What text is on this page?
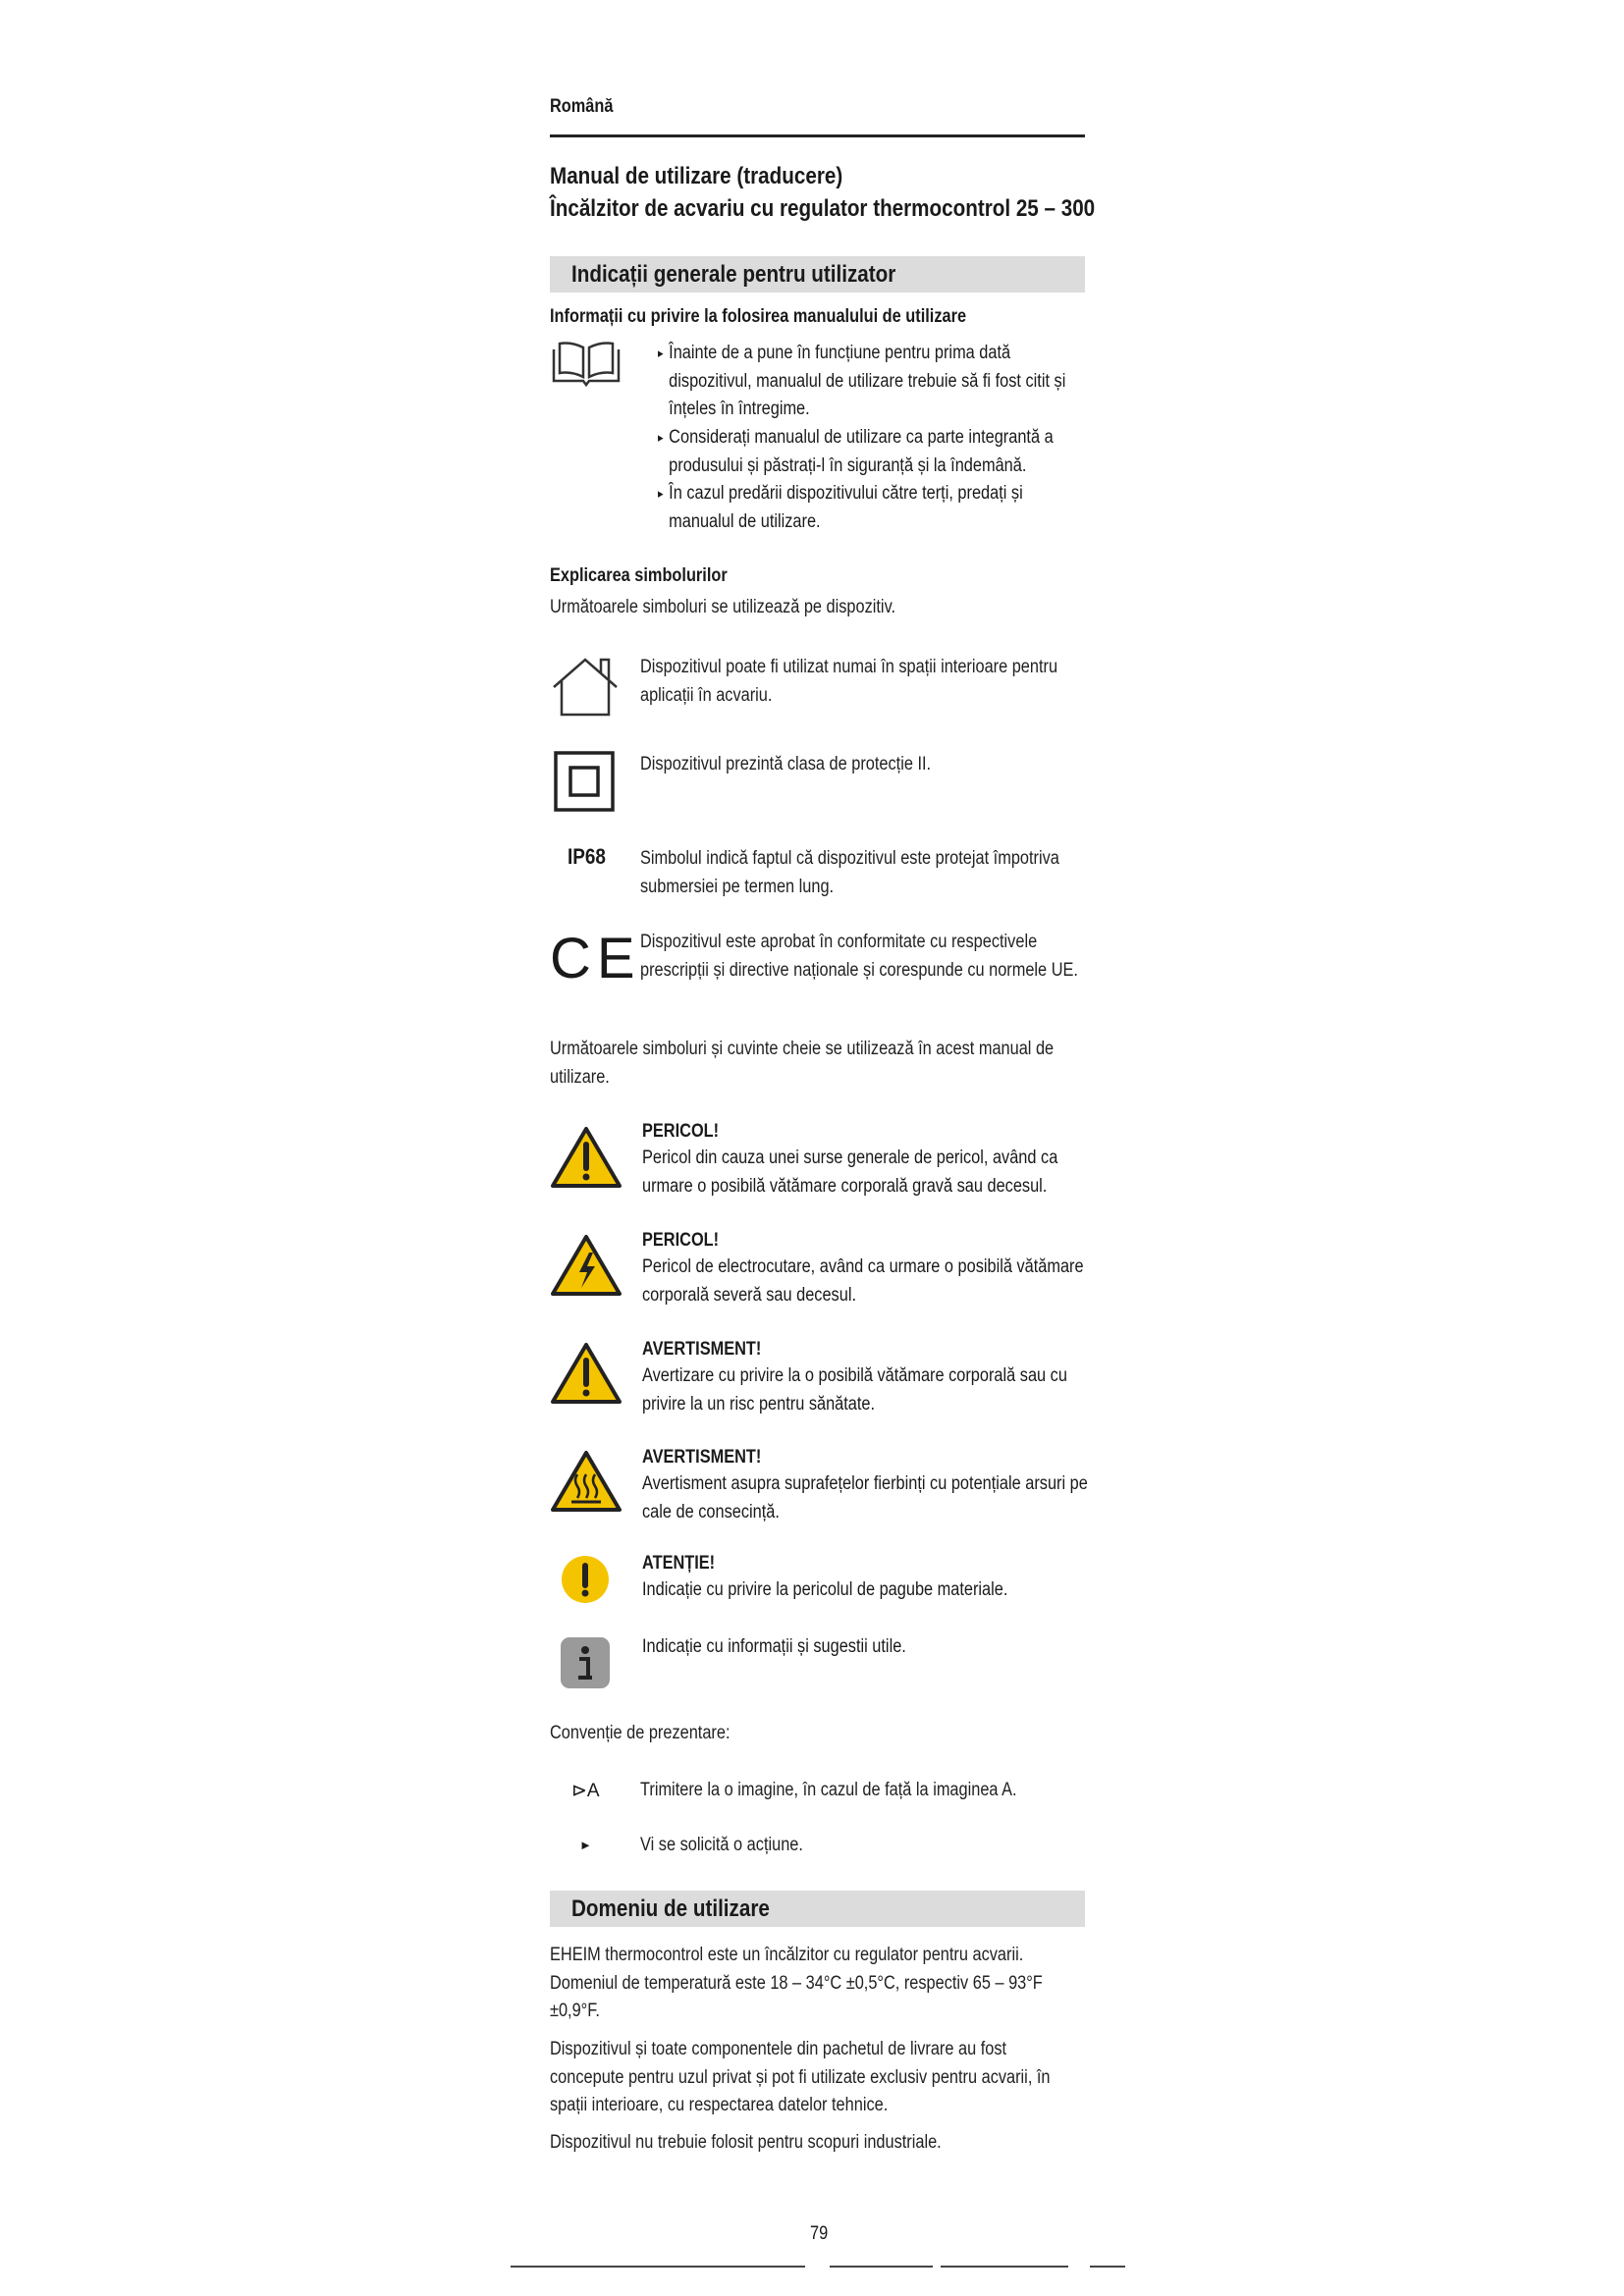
Română
Manual de utilizare (traducere)
Încălzitor de acvariu cu regulator thermocontrol 25 – 300
Indicații generale pentru utilizator
Informații cu privire la folosirea manualului de utilizare
▸ Înainte de a pune în funcțiune pentru prima dată dispozitivul, manualul de utilizare trebuie să fi fost citit și înțeles în întregime.
▸ Considerați manualul de utilizare ca parte integrantă a produsului și păstrați-l în siguranță și la îndemână.
▸ În cazul predării dispozitivului către terți, predați și manualul de utilizare.
Explicarea simbolurilor
Următoarele simboluri se utilizează pe dispozitiv.
Dispozitivul poate fi utilizat numai în spații interioare pentru aplicații în acvariu.
Dispozitivul prezintă clasa de protecție II.
IP68 Simbolul indică faptul că dispozitivul este protejat împotriva submersiei pe termen lung.
CE Dispozitivul este aprobat în conformitate cu respectivele prescripții și directive naționale și corespunde cu normele UE.
Următoarele simboluri și cuvinte cheie se utilizează în acest manual de utilizare.
PERICOL!
Pericol din cauza unei surse generale de pericol, având ca urmare o posibilă vătămare corporală gravă sau decesul.
PERICOL!
Pericol de electrocutare, având ca urmare o posibilă vătămare corporală severă sau decesul.
AVERTISMENT!
Avertizare cu privire la o posibilă vătămare corporală sau cu privire la un risc pentru sănătate.
AVERTISMENT!
Avertisment asupra suprafețelor fierbinți cu potențiale arsuri pe cale de consecință.
ATENȚIE!
Indicație cu privire la pericolul de pagube materiale.
Indicație cu informații și sugestii utile.
Convenție de prezentare:
⊳A Trimitere la o imagine, în cazul de față la imaginea A.
►	Vi se solicită o acțiune.
Domeniu de utilizare
EHEIM thermocontrol este un încălzitor cu regulator pentru acvarii. Domeniul de temperatură este 18 – 34°C ±0,5°C, respectiv 65 – 93°F ±0,9°F.
Dispozitivul și toate componentele din pachetul de livrare au fost concepute pentru uzul privat și pot fi utilizate exclusiv pentru acvarii, în spații interioare, cu respectarea datelor tehnice.
Dispozitivul nu trebuie folosit pentru scopuri industriale.
79
